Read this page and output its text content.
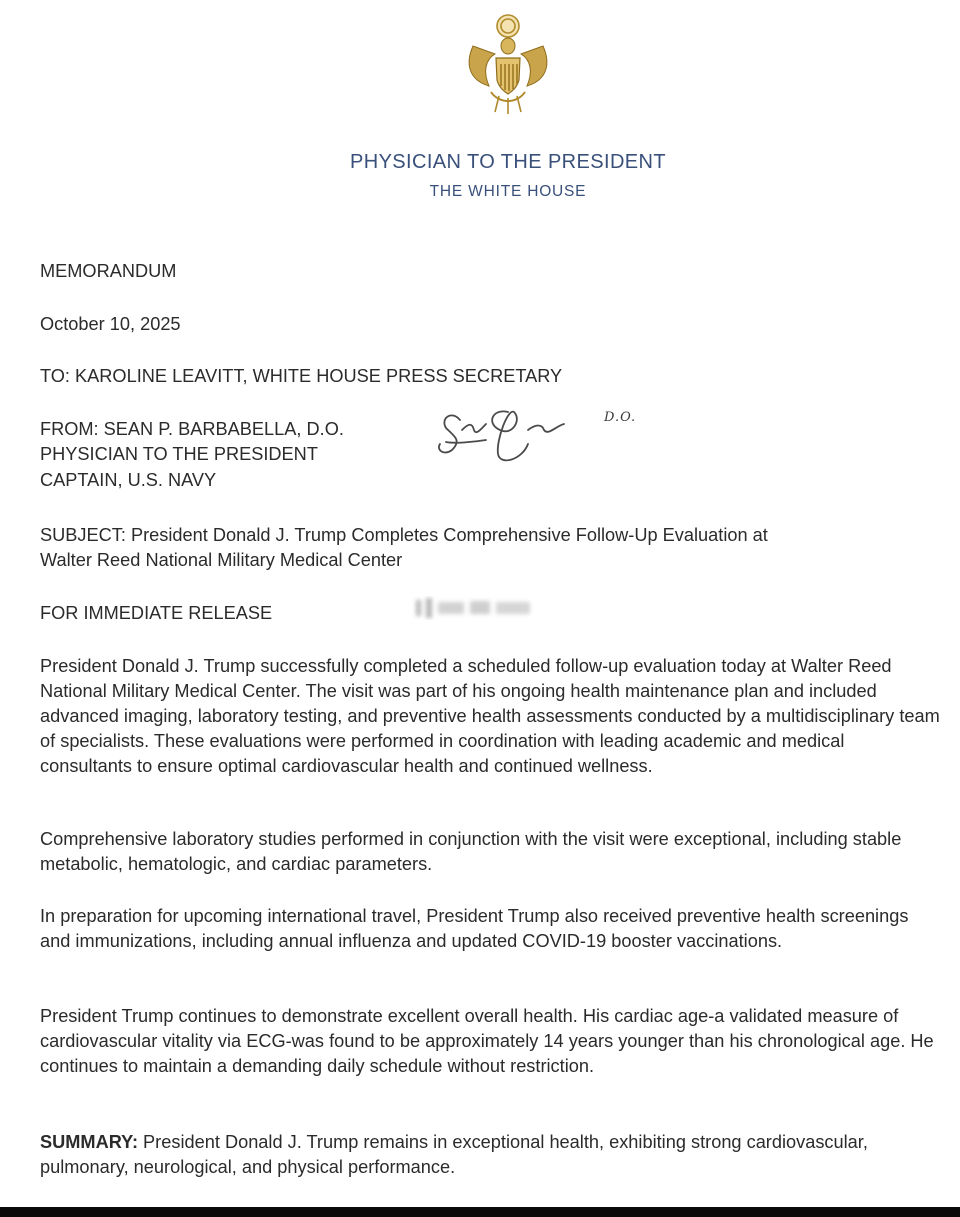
PHYSICIAN TO THE PRESIDENT
THE WHITE HOUSE
MEMORANDUM
October 10, 2025
TO: KAROLINE LEAVITT, WHITE HOUSE PRESS SECRETARY
FROM: SEAN P. BARBABELLA, D.O.
PHYSICIAN TO THE PRESIDENT
CAPTAIN, U.S. NAVY
D.O.
SUBJECT: President Donald J. Trump Completes Comprehensive Follow-Up Evaluation at
Walter Reed National Military Medical Center
FOR IMMEDIATE RELEASE
President Donald J. Trump successfully completed a scheduled follow-up evaluation today at Walter Reed National Military Medical Center. The visit was part of his ongoing health maintenance plan and included advanced imaging, laboratory testing, and preventive health assessments conducted by a multidisciplinary team of specialists. These evaluations were performed in coordination with leading academic and medical consultants to ensure optimal cardiovascular health and continued wellness.
Comprehensive laboratory studies performed in conjunction with the visit were exceptional, including stable metabolic, hematologic, and cardiac parameters.
In preparation for upcoming international travel, President Trump also received preventive health screenings and immunizations, including annual influenza and updated COVID-19 booster vaccinations.
President Trump continues to demonstrate excellent overall health. His cardiac age-a validated measure of cardiovascular vitality via ECG-was found to be approximately 14 years younger than his chronological age. He continues to maintain a demanding daily schedule without restriction.
SUMMARY: President Donald J. Trump remains in exceptional health, exhibiting strong cardiovascular, pulmonary, neurological, and physical performance.
